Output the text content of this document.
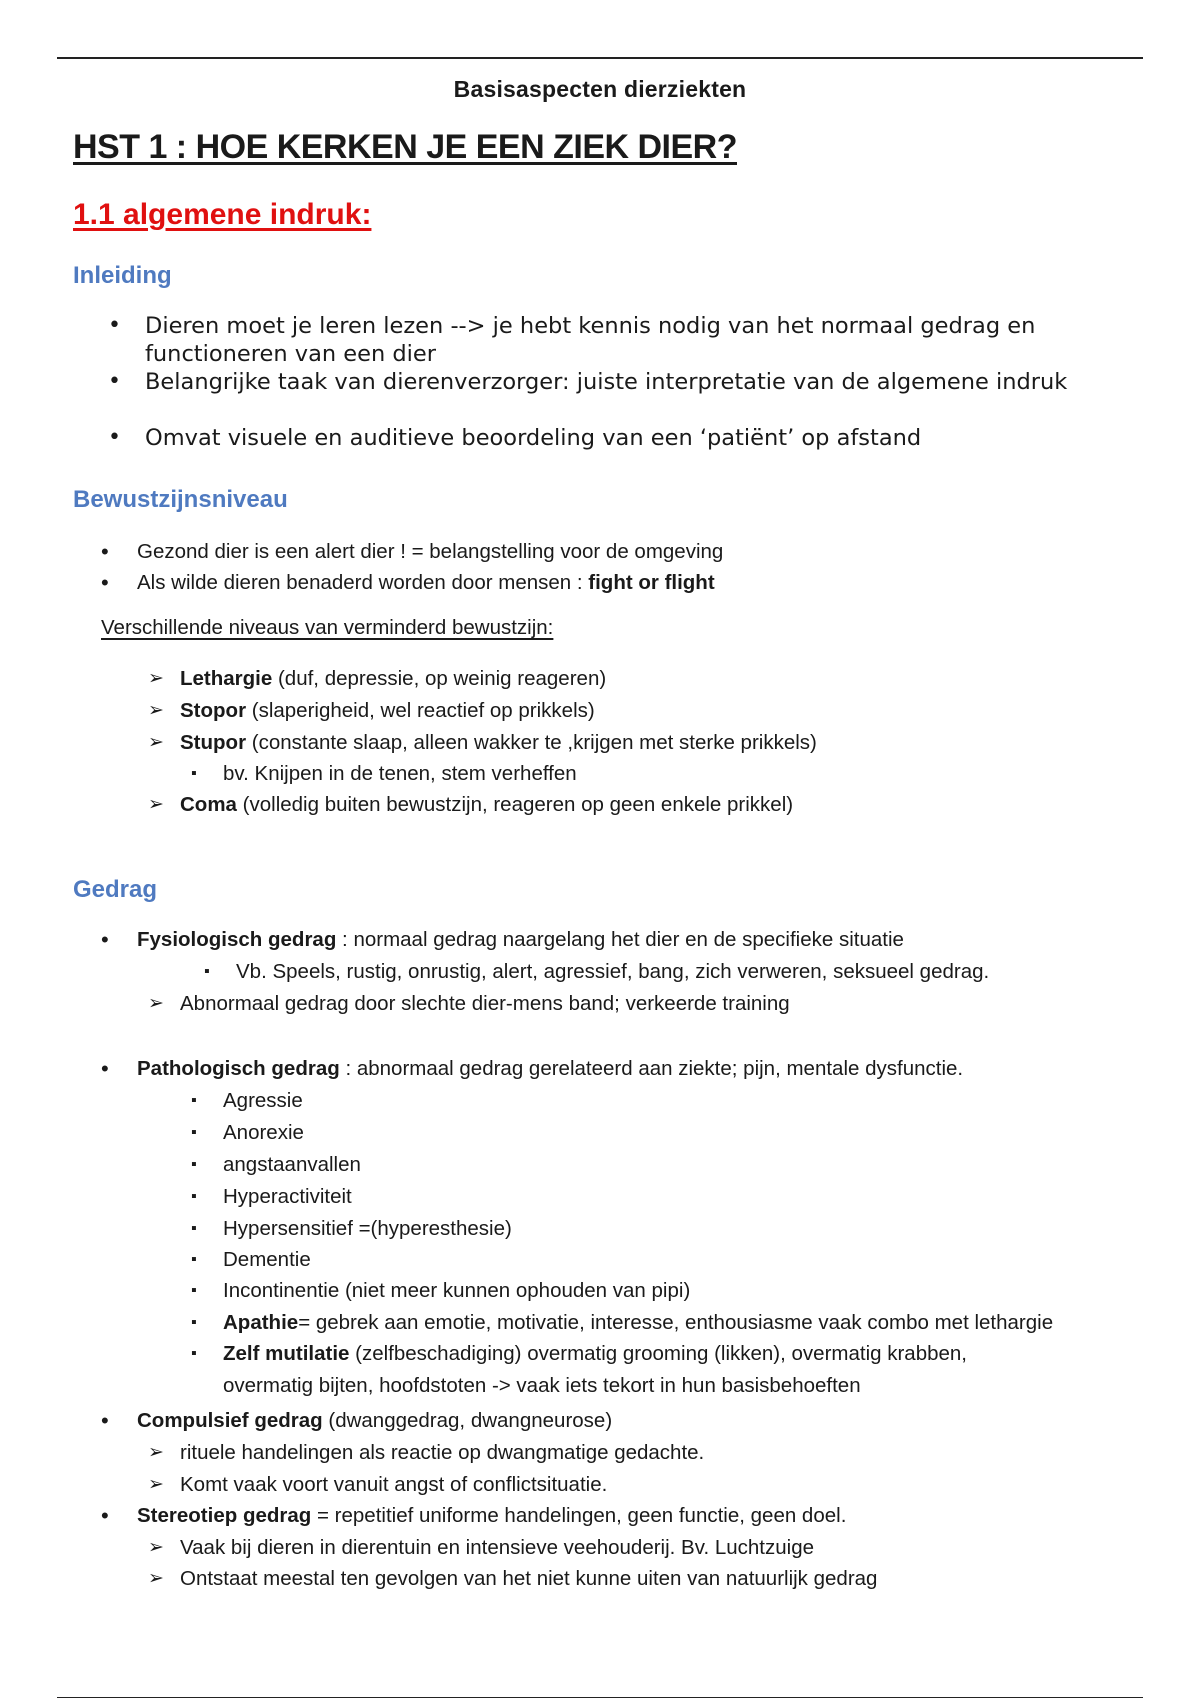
Basisaspecten dierziekten
HST 1 : HOE KERKEN JE EEN ZIEK DIER?
1.1 algemene indruk:
Inleiding
• Dieren moet je leren lezen --> je hebt kennis nodig van het normaal gedrag en functioneren van een dier
• Belangrijke taak van dierenverzorger: juiste interpretatie van de algemene indruk
• Omvat visuele en auditieve beoordeling van een ‘patiënt’ op afstand
Bewustzijnsniveau
• Gezond dier is een alert dier ! = belangstelling voor de omgeving
• Als wilde dieren benaderd worden door mensen : fight or flight
Verschillende niveaus van verminderd bewustzijn:
➢ Lethargie (duf, depressie, op weinig reageren)
➢ Stopor (slaperigheid, wel reactief op prikkels)
➢ Stupor (constante slaap, alleen wakker te ,krijgen met sterke prikkels)
▪ bv. Knijpen in de tenen, stem verheffen
➢ Coma (volledig buiten bewustzijn, reageren op geen enkele prikkel)
Gedrag
• Fysiologisch gedrag : normaal gedrag naargelang het dier en de specifieke situatie
▪ Vb. Speels, rustig, onrustig, alert, agressief, bang, zich verweren, seksueel gedrag.
➢ Abnormaal gedrag door slechte dier-mens band; verkeerde training
• Pathologisch gedrag : abnormaal gedrag gerelateerd aan ziekte; pijn, mentale dysfunctie.
▪ Agressie
▪ Anorexie
▪ angstaanvallen
▪ Hyperactiviteit
▪ Hypersensitief =(hyperesthesie)
▪ Dementie
▪ Incontinentie (niet meer kunnen ophouden van pipi)
▪ Apathie= gebrek aan emotie, motivatie, interesse, enthousiasme vaak combo met lethargie
▪ Zelf mutilatie (zelfbeschadiging) overmatig grooming (likken), overmatig krabben,
overmatig bijten, hoofdstoten -> vaak iets tekort in hun basisbehoeften
• Compulsief gedrag (dwanggedrag, dwangneurose)
➢ rituele handelingen als reactie op dwangmatige gedachte.
➢ Komt vaak voort vanuit angst of conflictsituatie.
• Stereotiep gedrag = repetitief uniforme handelingen, geen functie, geen doel.
➢ Vaak bij dieren in dierentuin en intensieve veehouderij. Bv. Luchtzuige
➢ Ontstaat meestal ten gevolgen van het niet kunne uiten van natuurlijk gedrag
